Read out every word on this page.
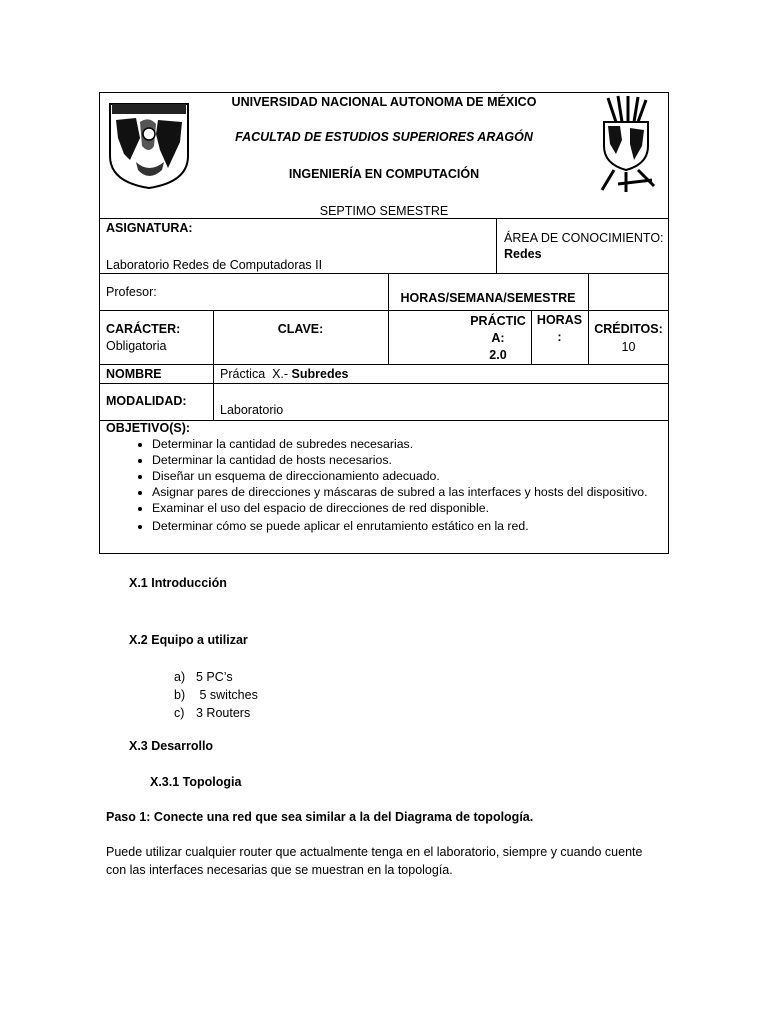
UNIVERSIDAD NACIONAL AUTONOMA DE MÉXICO
FACULTAD DE ESTUDIOS SUPERIORES ARAGÓN
INGENIERÍA EN COMPUTACIÓN
SEPTIMO SEMESTRE
ASIGNATURA:
Laboratorio Redes de Computadoras II
ÁREA DE CONOCIMIENTO:
Redes
Profesor:	HORAS/SEMANA/SEMESTRE
CARÁCTER:
Obligatoria
CLAVE:
PRÁCTIC
A:
2.0
HORAS
:
CRÉDITOS:
10
NOMBRE	Práctica  X.- Subredes
MODALIDAD:
Laboratorio
OBJETIVO(S):
• Determinar la cantidad de subredes necesarias.
• Determinar la cantidad de hosts necesarios.
• Diseñar un esquema de direccionamiento adecuado.
• Asignar pares de direcciones y máscaras de subred a las interfaces y hosts del dispositivo.
• Examinar el uso del espacio de direcciones de red disponible.
• Determinar cómo se puede aplicar el enrutamiento estático en la red.
X.1 Introducción
X.2 Equipo a utilizar
a) 5 PC’s
b) 5 switches
c) 3 Routers
X.3 Desarrollo
X.3.1 Topologia
Paso 1: Conecte una red que sea similar a la del Diagrama de topología.
Puede utilizar cualquier router que actualmente tenga en el laboratorio, siempre y cuando cuente
con las interfaces necesarias que se muestran en la topología.
